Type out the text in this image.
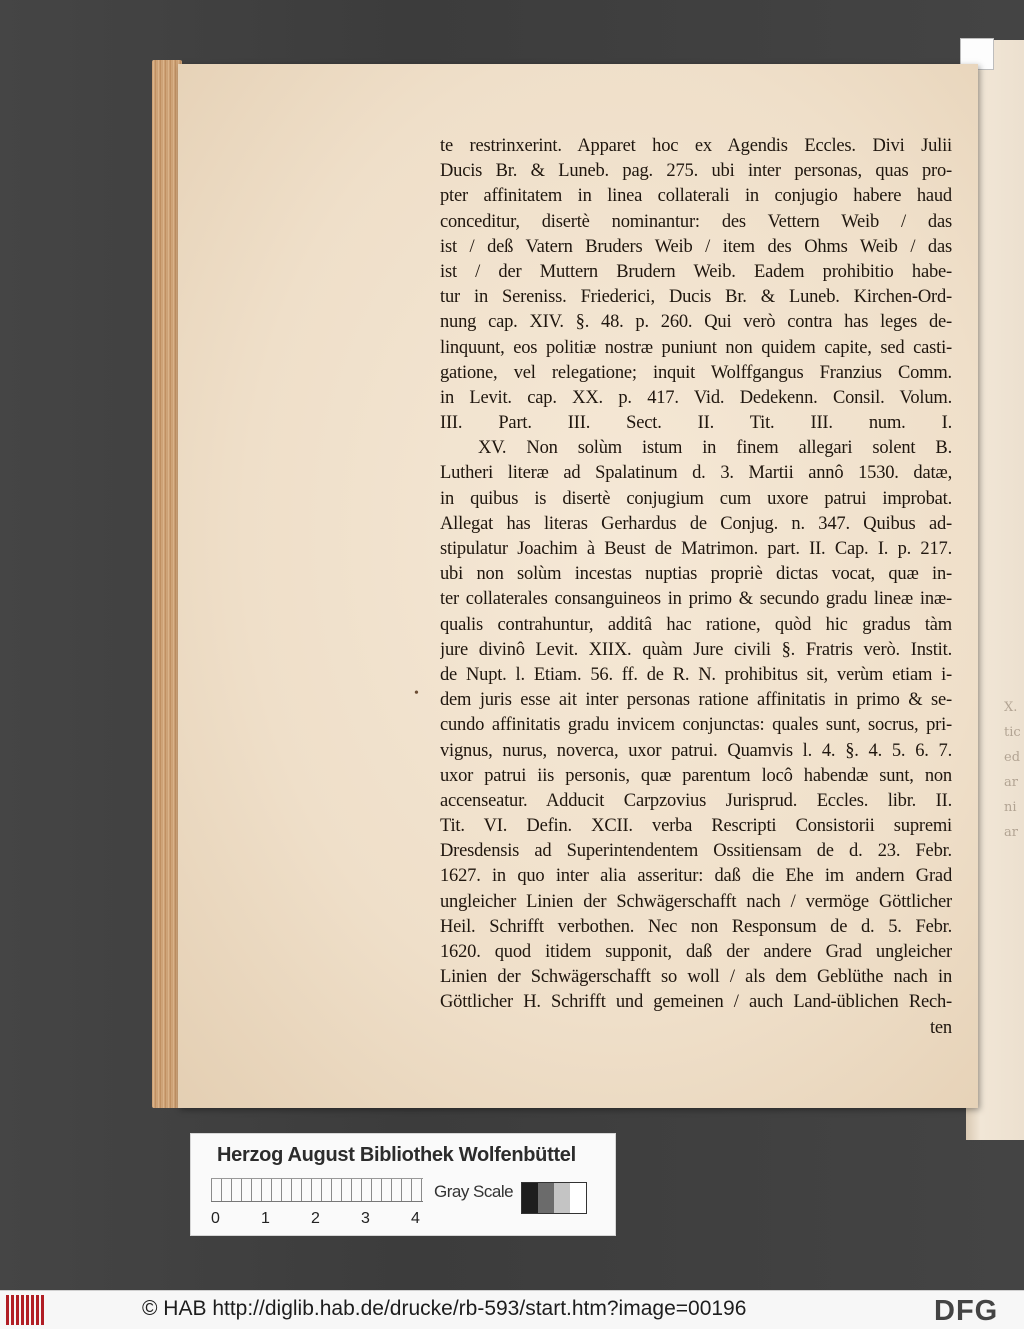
X.
tic
ed
ar
ni
ar
te restrinxerint. Apparet hoc ex Agendis Eccles. Divi Julii
Ducis Br. & Luneb. pag. 275. ubi inter personas, quas pro-
pter affinitatem in linea collaterali in conjugio habere haud
conceditur, disertè nominantur: des Vettern Weib / das
ist / deß Vatern Bruders Weib / item des Ohms Weib / das
ist / der Muttern Brudern Weib. Eadem prohibitio habe-
tur in Sereniss. Friederici, Ducis Br. & Luneb. Kirchen-Ord-
nung cap. XIV. §. 48. p. 260. Qui verò contra has leges de-
linquunt, eos politiæ nostræ puniunt non quidem capite, sed casti-
gatione, vel relegatione; inquit Wolffgangus Franzius Comm.
in Levit. cap. XX. p. 417. Vid. Dedekenn. Consil. Volum.
III. Part. III. Sect. II. Tit. III. num. I.
XV. Non solùm istum in finem allegari solent B.
Lutheri literæ ad Spalatinum d. 3. Martii annô 1530. datæ,
in quibus is disertè conjugium cum uxore patrui improbat.
Allegat has literas Gerhardus de Conjug. n. 347. Quibus ad-
stipulatur Joachim à Beust de Matrimon. part. II. Cap. I. p. 217.
ubi non solùm incestas nuptias propriè dictas vocat, quæ in-
ter collaterales consanguineos in primo & secundo gradu lineæ inæ-
qualis contrahuntur, additâ hac ratione, quòd hic gradus tàm
jure divinô Levit. XIIX. quàm Jure civili §. Fratris verò. Instit.
de Nupt. l. Etiam. 56. ff. de R. N. prohibitus sit, verùm etiam i-
dem juris esse ait inter personas ratione affinitatis in primo & se-
cundo affinitatis gradu invicem conjunctas: quales sunt, socrus, pri-
vignus, nurus, noverca, uxor patrui. Quamvis l. 4. §. 4. 5. 6. 7.
uxor patrui iis personis, quæ parentum locô habendæ sunt, non
accenseatur. Adducit Carpzovius Jurisprud. Eccles. libr. II.
Tit. VI. Defin. XCII. verba Rescripti Consistorii supremi
Dresdensis ad Superintendentem Ossitiensam de d. 23. Febr.
1627. in quo inter alia asseritur: daß die Ehe im andern Grad
ungleicher Linien der Schwägerschafft nach / vermöge Göttlicher
Heil. Schrifft verbothen. Nec non Responsum de d. 5. Febr.
1620. quod itidem supponit, daß der andere Grad ungleicher
Linien der Schwägerschafft so woll / als dem Geblüthe nach in
Göttlicher H. Schrifft und gemeinen / auch Land-üblichen Rech-
ten
•
Herzog August Bibliothek Wolfenbüttel
0	1	2	3	4
Gray Scale
© HAB http://diglib.hab.de/drucke/rb-593/start.htm?image=00196	DFG
